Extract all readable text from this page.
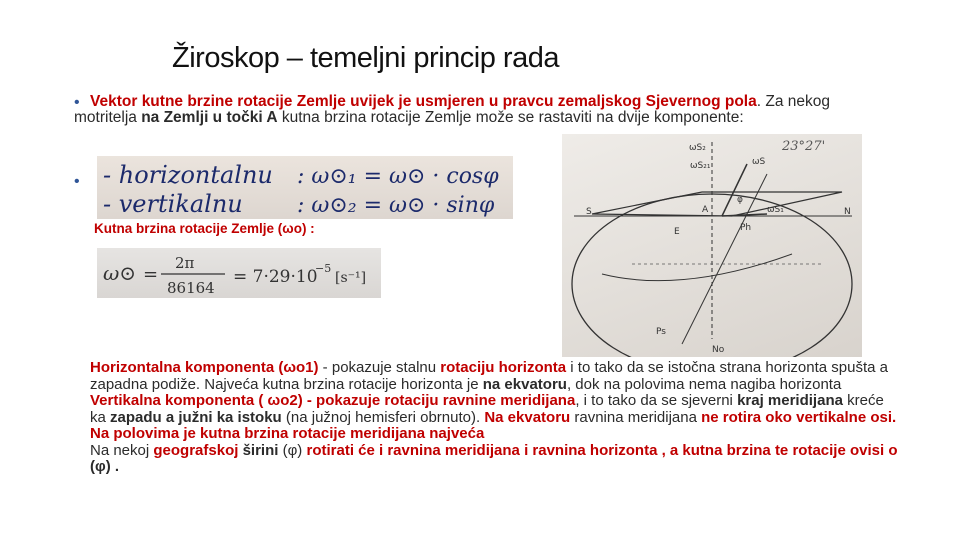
Žiroskop – temeljni princip rada
• Vektor kutne brzine rotacije Zemlje uvijek je usmjeren u pravcu zemaljskog Sjevernog pola. Za nekog motritelja na Zemlji u točki A kutna brzina rotacije Zemlje može se rastaviti na dvije komponente:
• - horizontalnu : ω⊙₁ = ω⊙ · cosφ
- vertikalnu : ω⊙₂ = ω⊙ · sinφ
Kutna brzina rotacije Zemlje (ωo) :
ω⊙ =
2π
86164
= 7·29·10
−5
[s⁻¹]
23°27'
ωS₂₁	ωS
ωS₁
φ
S	N
A
E	Ph
Ps
No
ωS₂
Horizontalna komponenta (ωo1) - pokazuje stalnu rotaciju horizonta i to tako da se istočna strana horizonta spušta a zapadna podiže. Najveća kutna brzina rotacije horizonta je na ekvatoru, dok na polovima nema nagiba horizonta
Vertikalna komponenta ( ωo2) - pokazuje rotaciju ravnine meridijana, i to tako da se sjeverni kraj meridijana kreće ka zapadu a južni ka istoku (na južnoj hemisferi obrnuto). Na ekvatoru ravnina meridijana ne rotira oko vertikalne osi. Na polovima je kutna brzina rotacije meridijana najveća
Na nekoj geografskoj širini (φ) rotirati će i ravnina meridijana i ravnina horizonta , a kutna brzina te rotacije ovisi o (φ) .
